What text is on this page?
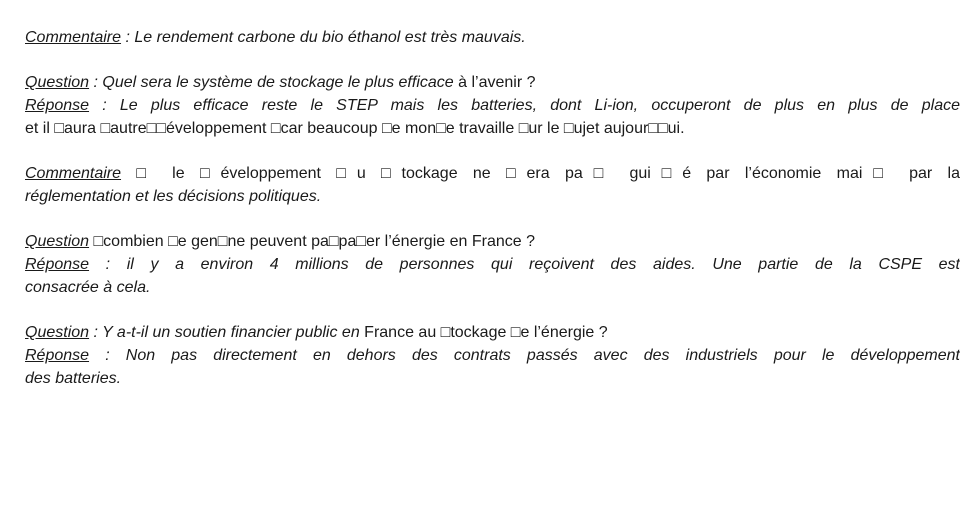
Commentaire : Le rendement carbone du bio éthanol est très mauvais.
Question : Quel sera le système de stockage le plus efficace à l’avenir ?
Réponse : Le plus efficace reste le STEP mais les batteries, dont Li-ion, occuperont de plus en plus de place
et il □aura □autre□□éveloppement □car beaucoup □e mon□e travaille □ur le □ujet aujour□□ui.
Commentaire □ le □éveloppement □u □tockage ne □era pa□ gui□é par l’économie mai□ par la
réglementation et les décisions politiques.
Question □combien □e gen□ne peuvent pa□pa□er l’énergie en France ?
Réponse : il y a environ 4 millions de personnes qui reçoivent des aides. Une partie de la CSPE est
consacrée à cela.
Question : Y a-t-il un soutien financier public en France au □tockage □e l’énergie ?
Réponse : Non pas directement en dehors des contrats passés avec des industriels pour le développement
des batteries.
